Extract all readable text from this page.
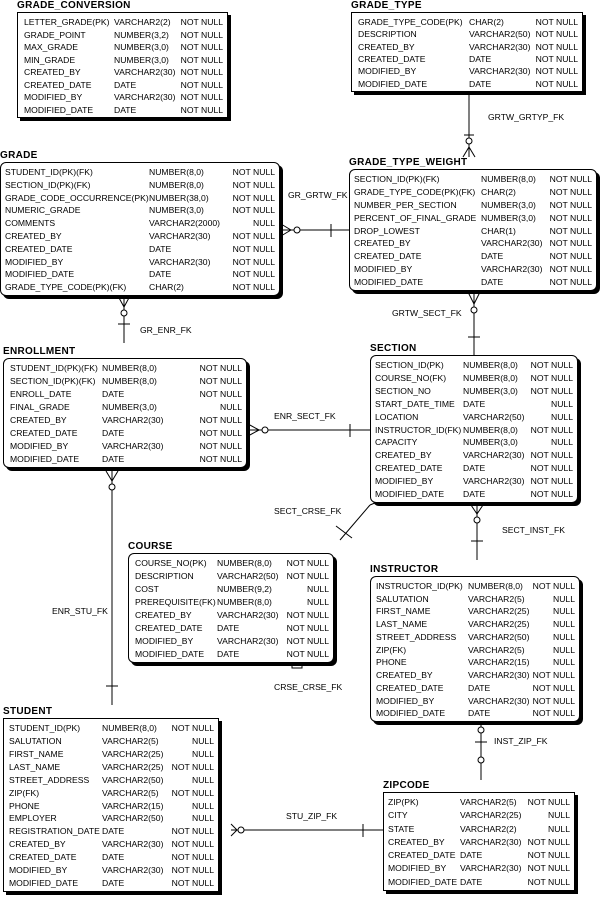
GRTW_GRTYP_FK
GR_GRTW_FK
GR_ENR_FK
GRTW_SECT_FK
ENR_SECT_FK
SECT_CRSE_FK
SECT_INST_FK
ENR_STU_FK
CRSE_CRSE_FK
INST_ZIP_FK
STU_ZIP_FK
GRADE_CONVERSION
LETTER_GRADE(PK) VARCHAR2(2) NOT NULL
GRADE_POINT	NUMBER(3,2) NOT NULL
MAX_GRADE	NUMBER(3,0) NOT NULL
MIN_GRADE	NUMBER(3,0) NOT NULL
CREATED_BY	VARCHAR2(30) NOT NULL
CREATED_DATE	DATE	NOT NULL
MODIFIED_BY	VARCHAR2(30) NOT NULL
MODIFIED_DATE DATE	NOT NULL
GRADE_TYPE
GRADE_TYPE_CODE(PK) CHAR(2)	NOT NULL
DESCRIPTION	VARCHAR2(50) NOT NULL
CREATED_BY	VARCHAR2(30) NOT NULL
CREATED_DATE	DATE	NOT NULL
MODIFIED_BY	VARCHAR2(30) NOT NULL
MODIFIED_DATE	DATE	NOT NULL
GRADE
STUDENT_ID(PK)(FK)	NUMBER(8,0)	NOT NULL
SECTION_ID(PK)(FK)	NUMBER(8,0)	NOT NULL
GRADE_CODE_OCCURRENCE(PK) NUMBER(38,0)	NOT NULL
NUMERIC_GRADE	NUMBER(3,0)	NOT NULL
COMMENTS	VARCHAR2(2000)	NULL
CREATED_BY	VARCHAR2(30)	NOT NULL
CREATED_DATE	DATE	NOT NULL
MODIFIED_BY	VARCHAR2(30)	NOT NULL
MODIFIED_DATE	DATE	NOT NULL
GRADE_TYPE_CODE(PK)(FK)	CHAR(2)	NOT NULL
GRADE_TYPE_WEIGHT
SECTION_ID(PK)(FK)	NUMBER(8,0) NOT NULL
GRADE_TYPE_CODE(PK)(FK) CHAR(2)	NOT NULL
NUMBER_PER_SECTION	NUMBER(3,0) NOT NULL
PERCENT_OF_FINAL_GRADE NUMBER(3,0) NOT NULL
DROP_LOWEST	CHAR(1)	NOT NULL
CREATED_BY	VARCHAR2(30) NOT NULL
CREATED_DATE	DATE	NOT NULL
MODIFIED_BY	VARCHAR2(30) NOT NULL
MODIFIED_DATE	DATE	NOT NULL
ENROLLMENT
STUDENT_ID(PK)(FK) NUMBER(8,0)	NOT NULL
SECTION_ID(PK)(FK) NUMBER(8,0)	NOT NULL
ENROLL_DATE	DATE	NOT NULL
FINAL_GRADE	NUMBER(3,0)	NULL
CREATED_BY	VARCHAR2(30)	NOT NULL
CREATED_DATE	DATE	NOT NULL
MODIFIED_BY	VARCHAR2(30)	NOT NULL
MODIFIED_DATE	DATE	NOT NULL
SECTION
SECTION_ID(PK) NUMBER(8,0) NOT NULL
COURSE_NO(FK) NUMBER(8,0) NOT NULL
SECTION_NO	NUMBER(3,0) NOT NULL
START_DATE_TIME DATE	NULL
LOCATION	VARCHAR2(50)	NULL
INSTRUCTOR_ID(FK) NUMBER(8,0) NOT NULL
CAPACITY	NUMBER(3,0)	NULL
CREATED_BY	VARCHAR2(30) NOT NULL
CREATED_DATE DATE	NOT NULL
MODIFIED_BY	VARCHAR2(30) NOT NULL
MODIFIED_DATE DATE	NOT NULL
COURSE
COURSE_NO(PK) NUMBER(8,0) NOT NULL
DESCRIPTION	VARCHAR2(50) NOT NULL
COST	NUMBER(9,2)	NULL
PREREQUISITE(FK) NUMBER(8,0)	NULL
CREATED_BY	VARCHAR2(30) NOT NULL
CREATED_DATE DATE	NOT NULL
MODIFIED_BY	VARCHAR2(30) NOT NULL
MODIFIED_DATE DATE	NOT NULL
INSTRUCTOR
INSTRUCTOR_ID(PK) NUMBER(8,0) NOT NULL
SALUTATION	VARCHAR2(5)	NULL
FIRST_NAME	VARCHAR2(25)	NULL
LAST_NAME	VARCHAR2(25)	NULL
STREET_ADDRESS VARCHAR2(50)	NULL
ZIP(FK)	VARCHAR2(5)	NULL
PHONE	VARCHAR2(15)	NULL
CREATED_BY	VARCHAR2(30) NOT NULL
CREATED_DATE	DATE	NOT NULL
MODIFIED_BY	VARCHAR2(30) NOT NULL
MODIFIED_DATE	DATE	NOT NULL
STUDENT
STUDENT_ID(PK)	NUMBER(8,0) NOT NULL
SALUTATION	VARCHAR2(5)	NULL
FIRST_NAME	VARCHAR2(25)	NULL
LAST_NAME	VARCHAR2(25) NOT NULL
STREET_ADDRESS VARCHAR2(50)	NULL
ZIP(FK)	VARCHAR2(5) NOT NULL
PHONE	VARCHAR2(15)	NULL
EMPLOYER	VARCHAR2(50)	NULL
REGISTRATION_DATE DATE	NOT NULL
CREATED_BY	VARCHAR2(30) NOT NULL
CREATED_DATE	DATE	NOT NULL
MODIFIED_BY	VARCHAR2(30) NOT NULL
MODIFIED_DATE	DATE	NOT NULL
ZIPCODE
ZIP(PK)	VARCHAR2(5) NOT NULL
CITY	VARCHAR2(25)	NULL
STATE	VARCHAR2(2)	NULL
CREATED_BY VARCHAR2(30) NOT NULL
CREATED_DATE DATE	NOT NULL
MODIFIED_BY VARCHAR2(30) NOT NULL
MODIFIED_DATE DATE	NOT NULL
